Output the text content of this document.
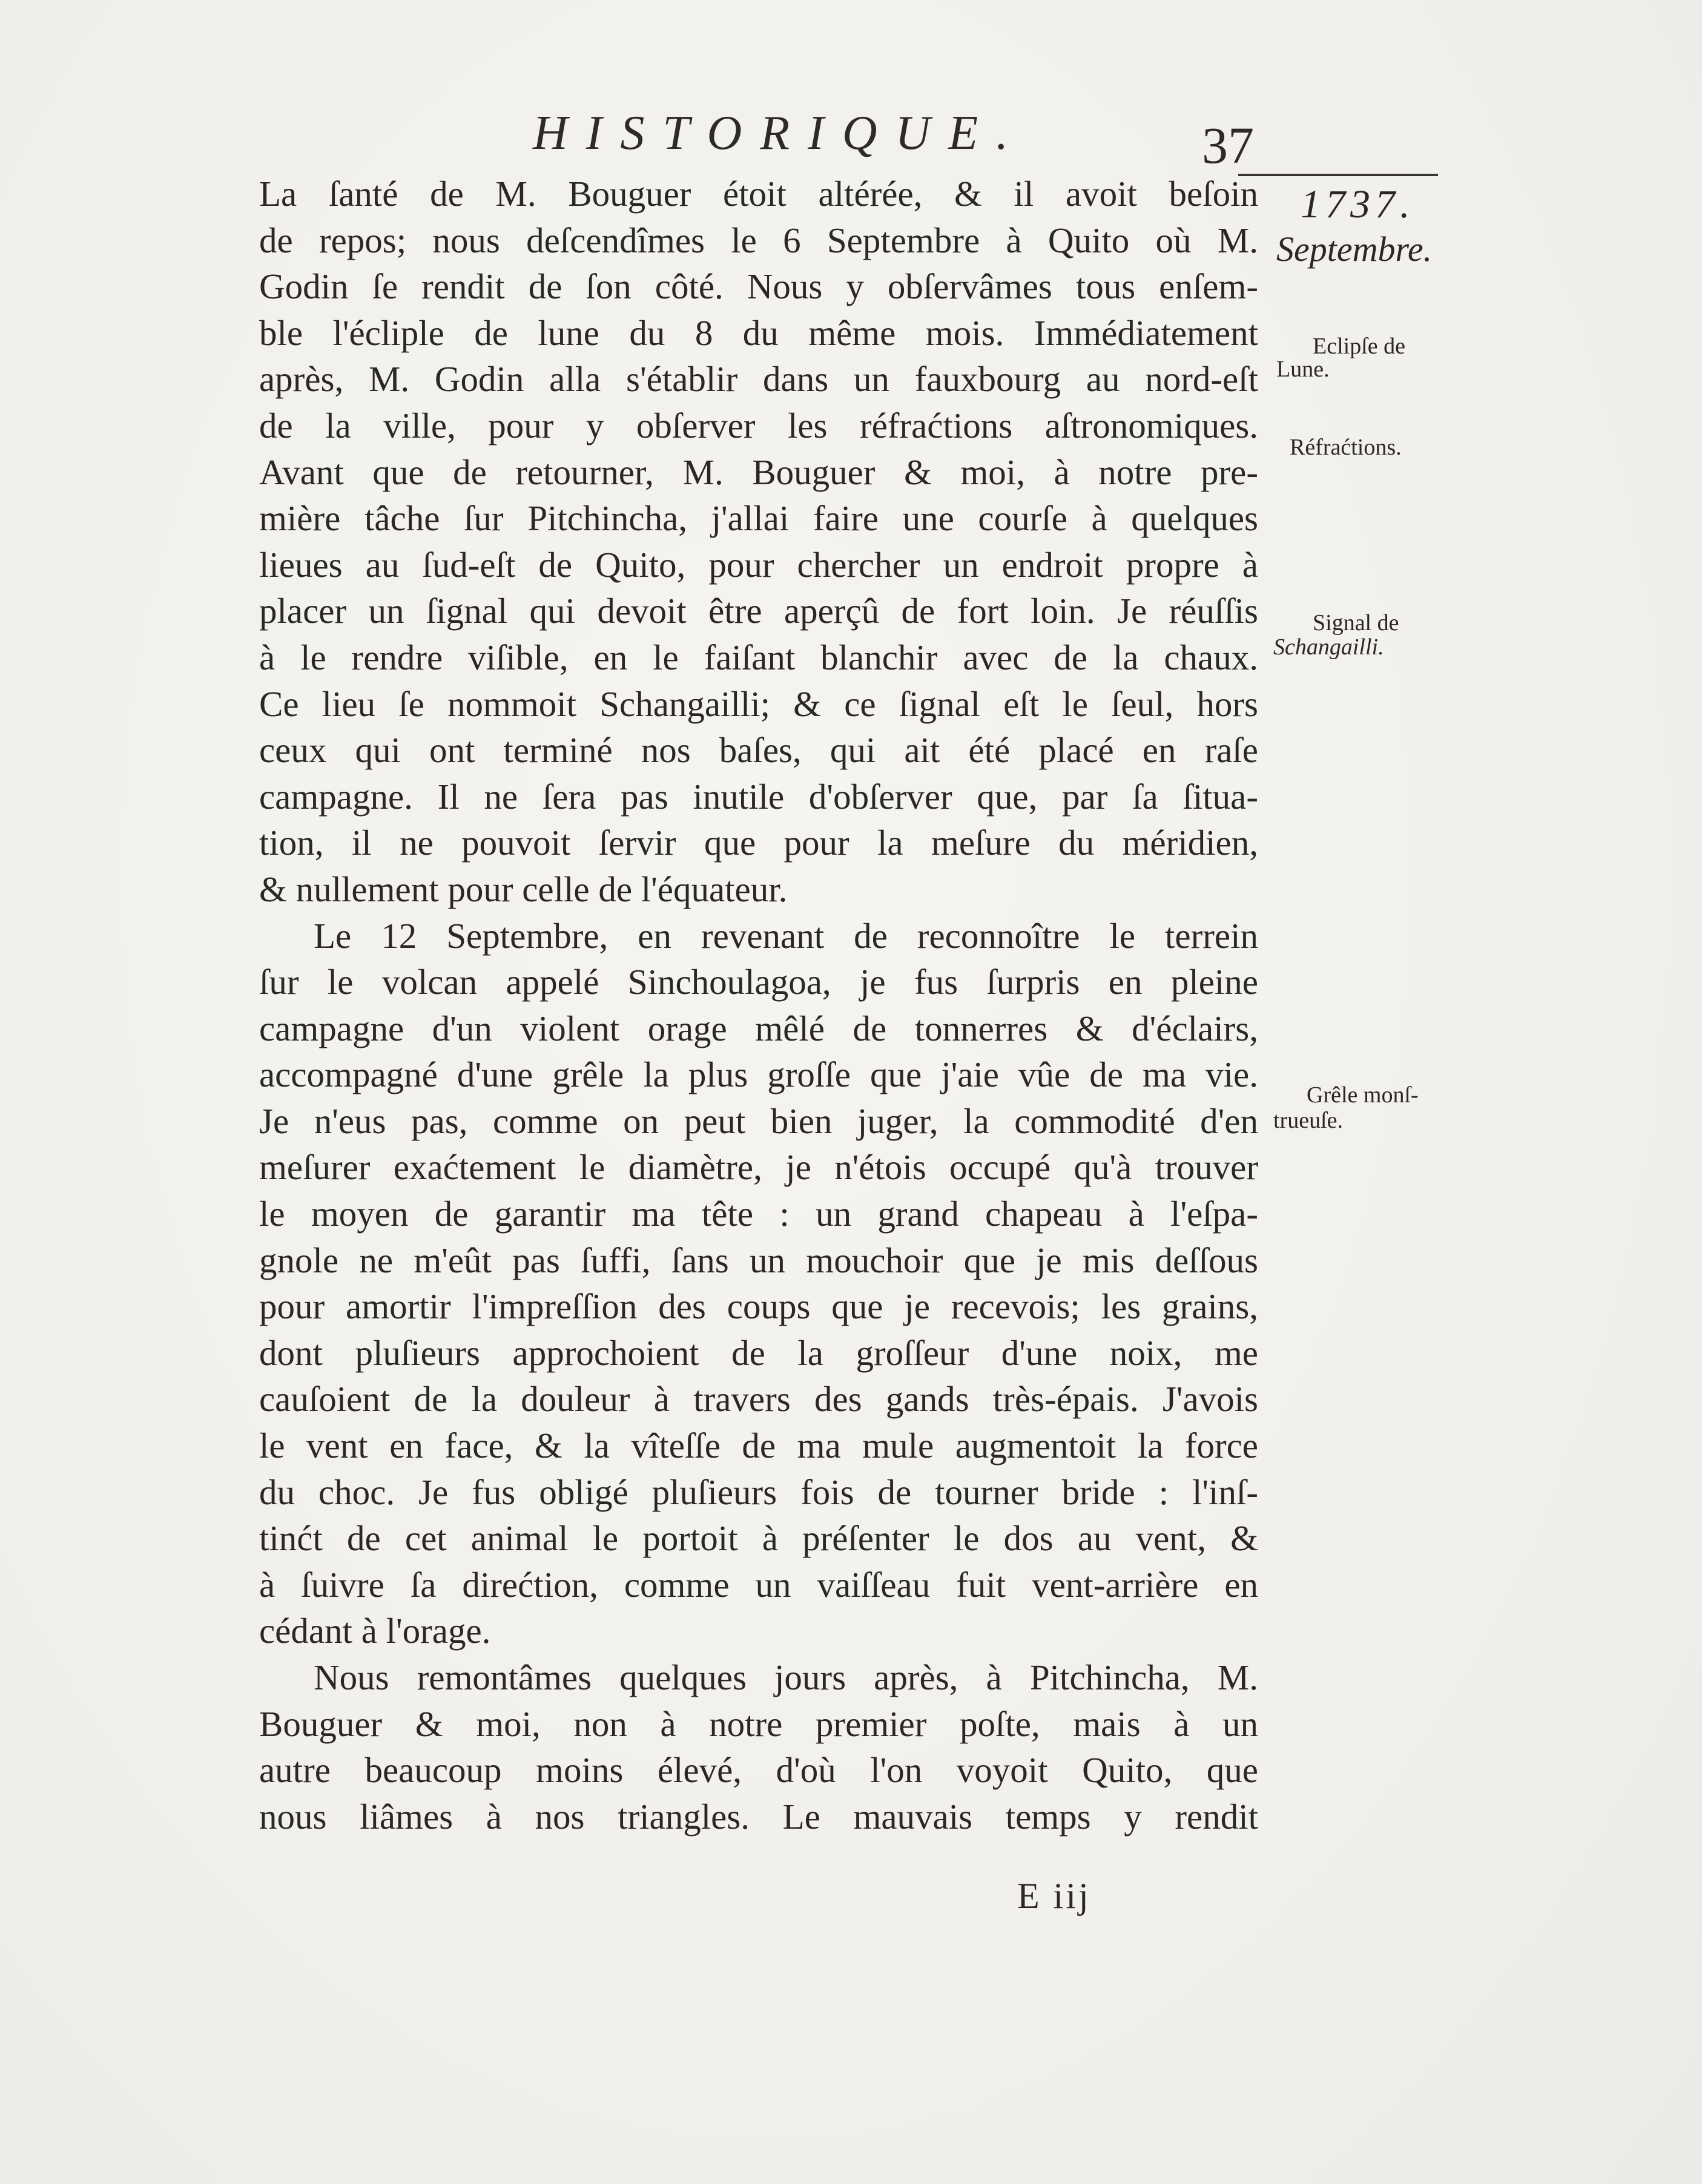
HISTORIQUE.	37
1737.
Septembre.
Eclipſe de
Lune.
Réfraćtions.
Signal de
Schangailli.
Grêle monſ-
trueuſe.
La ſanté de M. Bouguer étoit altérée, & il avoit beſoin
de repos; nous deſcendîmes le 6 Septembre à Quito où M.
Godin ſe rendit de ſon côté. Nous y obſervâmes tous enſem-
ble l'écliple de lune du 8 du même mois. Immédiatement
après, M. Godin alla s'établir dans un fauxbourg au nord-eſt
de la ville, pour y obſerver les réfraćtions aſtronomiques.
Avant que de retourner, M. Bouguer & moi, à notre pre-
mière tâche ſur Pitchincha, j'allai faire une courſe à quelques
lieues au ſud-eſt de Quito, pour chercher un endroit propre à
placer un ſignal qui devoit être aperçû de fort loin. Je réuſſis
à le rendre viſible, en le faiſant blanchir avec de la chaux.
Ce lieu ſe nommoit Schangailli; & ce ſignal eſt le ſeul, hors
ceux qui ont terminé nos baſes, qui ait été placé en raſe
campagne. Il ne ſera pas inutile d'obſerver que, par ſa ſitua-
tion, il ne pouvoit ſervir que pour la meſure du méridien,
& nullement pour celle de l'équateur.
Le 12 Septembre, en revenant de reconnoître le terrein
ſur le volcan appelé Sinchoulagoa, je fus ſurpris en pleine
campagne d'un violent orage mêlé de tonnerres & d'éclairs,
accompagné d'une grêle la plus groſſe que j'aie vûe de ma vie.
Je n'eus pas, comme on peut bien juger, la commodité d'en
meſurer exaćtement le diamètre, je n'étois occupé qu'à trouver
le moyen de garantir ma tête : un grand chapeau à l'eſpa-
gnole ne m'eût pas ſuffi, ſans un mouchoir que je mis deſſous
pour amortir l'impreſſion des coups que je recevois; les grains,
dont pluſieurs approchoient de la groſſeur d'une noix, me
cauſoient de la douleur à travers des gands très-épais. J'avois
le vent en face, & la vîteſſe de ma mule augmentoit la force
du choc. Je fus obligé pluſieurs fois de tourner bride : l'inſ-
tinćt de cet animal le portoit à préſenter le dos au vent, &
à ſuivre ſa direćtion, comme un vaiſſeau fuit vent-arrière en
cédant à l'orage.
Nous remontâmes quelques jours après, à Pitchincha, M.
Bouguer & moi, non à notre premier poſte, mais à un
autre beaucoup moins élevé, d'où l'on voyoit Quito, que
nous liâmes à nos triangles. Le mauvais temps y rendit
E iij
